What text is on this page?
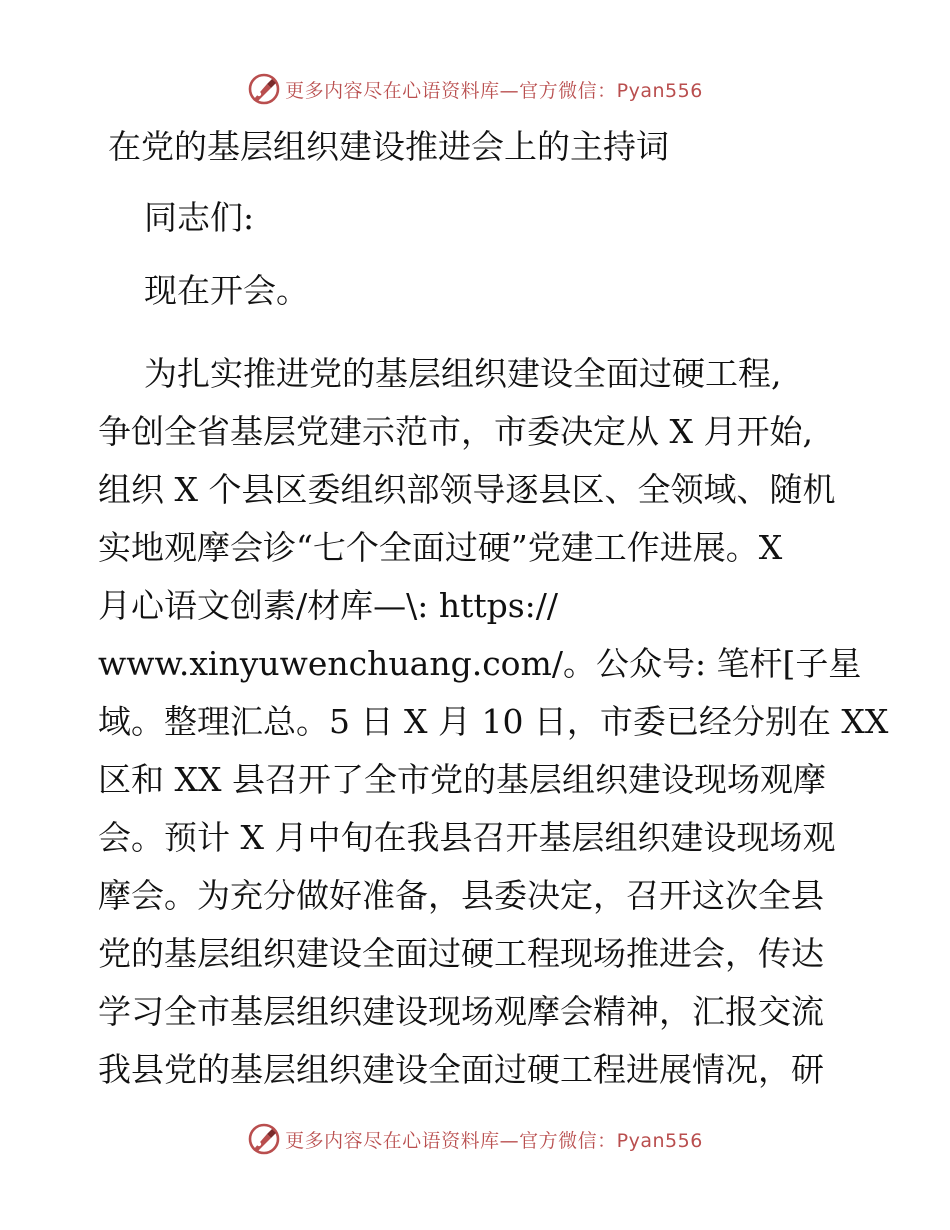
更多内容尽在心语资料库—官方微信：Pyan556
在党的基层组织建设推进会上的主持词
同志们:
现在开会。
为扎实推进党的基层组织建设全面过硬工程,
争创全省基层党建示范市，市委决定从 X 月开始,
组织 X 个县区委组织部领导逐县区、全领域、随机
实地观摩会诊“七个全面过硬”党建工作进展。X
月心语文创素/材库—\: https://
www.xinyuwenchuang.com/。公众号: 笔杆[子星
域。整理汇总。5 日 X 月 10 日，市委已经分别在 XX
区和 XX 县召开了全市党的基层组织建设现场观摩
会。预计 X 月中旬在我县召开基层组织建设现场观
摩会。为充分做好准备，县委决定，召开这次全县
党的基层组织建设全面过硬工程现场推进会，传达
学习全市基层组织建设现场观摩会精神，汇报交流
我县党的基层组织建设全面过硬工程进展情况，研
更多内容尽在心语资料库—官方微信：Pyan556
